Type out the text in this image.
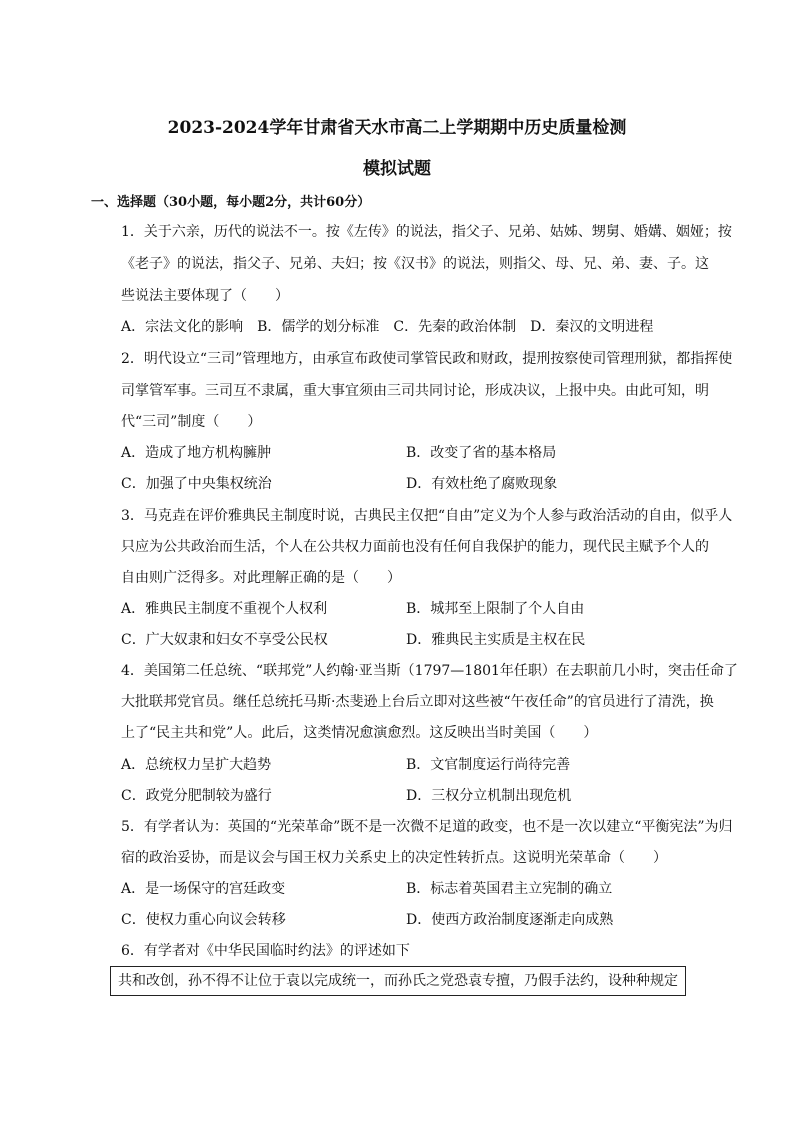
2023-2024学年甘肃省天水市高二上学期期中历史质量检测
模拟试题
一、选择题（30小题，每小题2分，共计60分）
1．关于六亲，历代的说法不一。按《左传》的说法，指父子、兄弟、姑姊、甥舅、婚媾、姻娅；按
《老子》的说法，指父子、兄弟、夫妇；按《汉书》的说法，则指父、母、兄、弟、妻、子。这
些说法主要体现了（　　）
A．宗法文化的影响　B．儒学的划分标准　C．先秦的政治体制　D．秦汉的文明进程
2．明代设立“三司”管理地方，由承宣布政使司掌管民政和财政，提刑按察使司管理刑狱，都指挥使
司掌管军事。三司互不隶属，重大事宜须由三司共同讨论，形成决议，上报中央。由此可知，明
代“三司”制度（　　）
A．造成了地方机构臃肿	B．改变了省的基本格局
C．加强了中央集权统治	D．有效杜绝了腐败现象
3．马克垚在评价雅典民主制度时说，古典民主仅把“自由”定义为个人参与政治活动的自由，似乎人
只应为公共政治而生活，个人在公共权力面前也没有任何自我保护的能力，现代民主赋予个人的
自由则广泛得多。对此理解正确的是（　　）
A．雅典民主制度不重视个人权利	B．城邦至上限制了个人自由
C．广大奴隶和妇女不享受公民权	D．雅典民主实质是主权在民
4．美国第二任总统、“联邦党”人约翰·亚当斯（1797—1801年任职）在去职前几小时，突击任命了
大批联邦党官员。继任总统托马斯·杰斐逊上台后立即对这些被“午夜任命”的官员进行了清洗，换
上了“民主共和党”人。此后，这类情况愈演愈烈。这反映出当时美国（　　）
A．总统权力呈扩大趋势	B．文官制度运行尚待完善
C．政党分肥制较为盛行	D．三权分立机制出现危机
5．有学者认为：英国的“光荣革命”既不是一次微不足道的政变，也不是一次以建立“平衡宪法”为归
宿的政治妥协，而是议会与国王权力关系史上的决定性转折点。这说明光荣革命（　　）
A．是一场保守的宫廷政变	B．标志着英国君主立宪制的确立
C．使权力重心向议会转移	D．使西方政治制度逐渐走向成熟
6．有学者对《中华民国临时约法》的评述如下
共和改创，孙不得不让位于袁以完成统一，而孙氏之党恐袁专擅，乃假手法约，设种种规定
